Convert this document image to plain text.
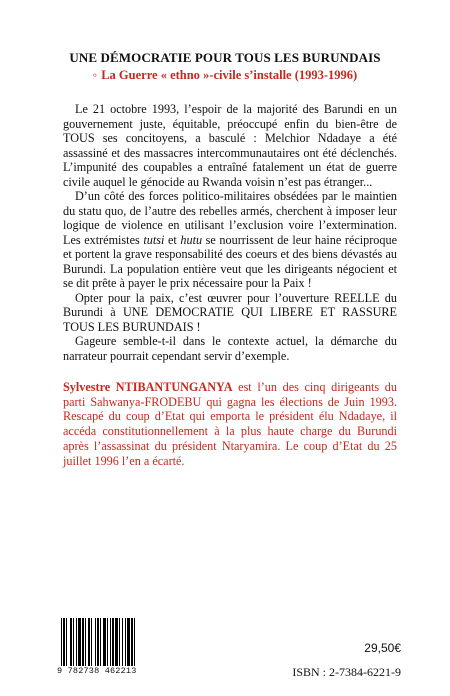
UNE DÉMOCRATIE POUR TOUS LES BURUNDAIS
◦ La Guerre « ethno »-civile s’installe (1993-1996)

Le 21 octobre 1993, l’espoir de la majorité des Barundi en un gouvernement juste, équitable, préoccupé enfin du bien-être de TOUS ses concitoyens, a basculé : Melchior Ndadaye a été assassiné et des massacres intercommunautaires ont été déclenchés. L’impunité des coupables a entraîné fatalement un état de guerre civile auquel le génocide au Rwanda voisin n’est pas étranger...

D’un côté des forces politico-militaires obsédées par le maintien du statu quo, de l’autre des rebelles armés, cherchent à imposer leur logique de violence en utilisant l’exclusion voire l’extermination. Les extrémistes tutsi et hutu se nourrissent de leur haine réciproque et portent la grave responsabilité des coeurs et des biens dévastés au Burundi. La population entière veut que les dirigeants négocient et se dit prête à payer le prix nécessaire pour la Paix !

Opter pour la paix, c’est œuvrer pour l’ouverture REELLE du Burundi à UNE DEMOCRATIE QUI LIBERE ET RASSURE TOUS LES BURUNDAIS !

Gageure semble-t-il dans le contexte actuel, la démarche du narrateur pourrait cependant servir d’exemple.

Sylvestre NTIBANTUNGANYA est l’un des cinq dirigeants du parti Sahwanya-FRODEBU qui gagna les élections de Juin 1993. Rescapé du coup d’Etat qui emporta le président élu Ndadaye, il accéda constitutionnellement à la plus haute charge du Burundi après l’assassinat du président Ntaryamira. Le coup d’Etat du 25 juillet 1996 l’en a écarté.

9 782738 462213
29,50€
ISBN : 2-7384-6221-9
